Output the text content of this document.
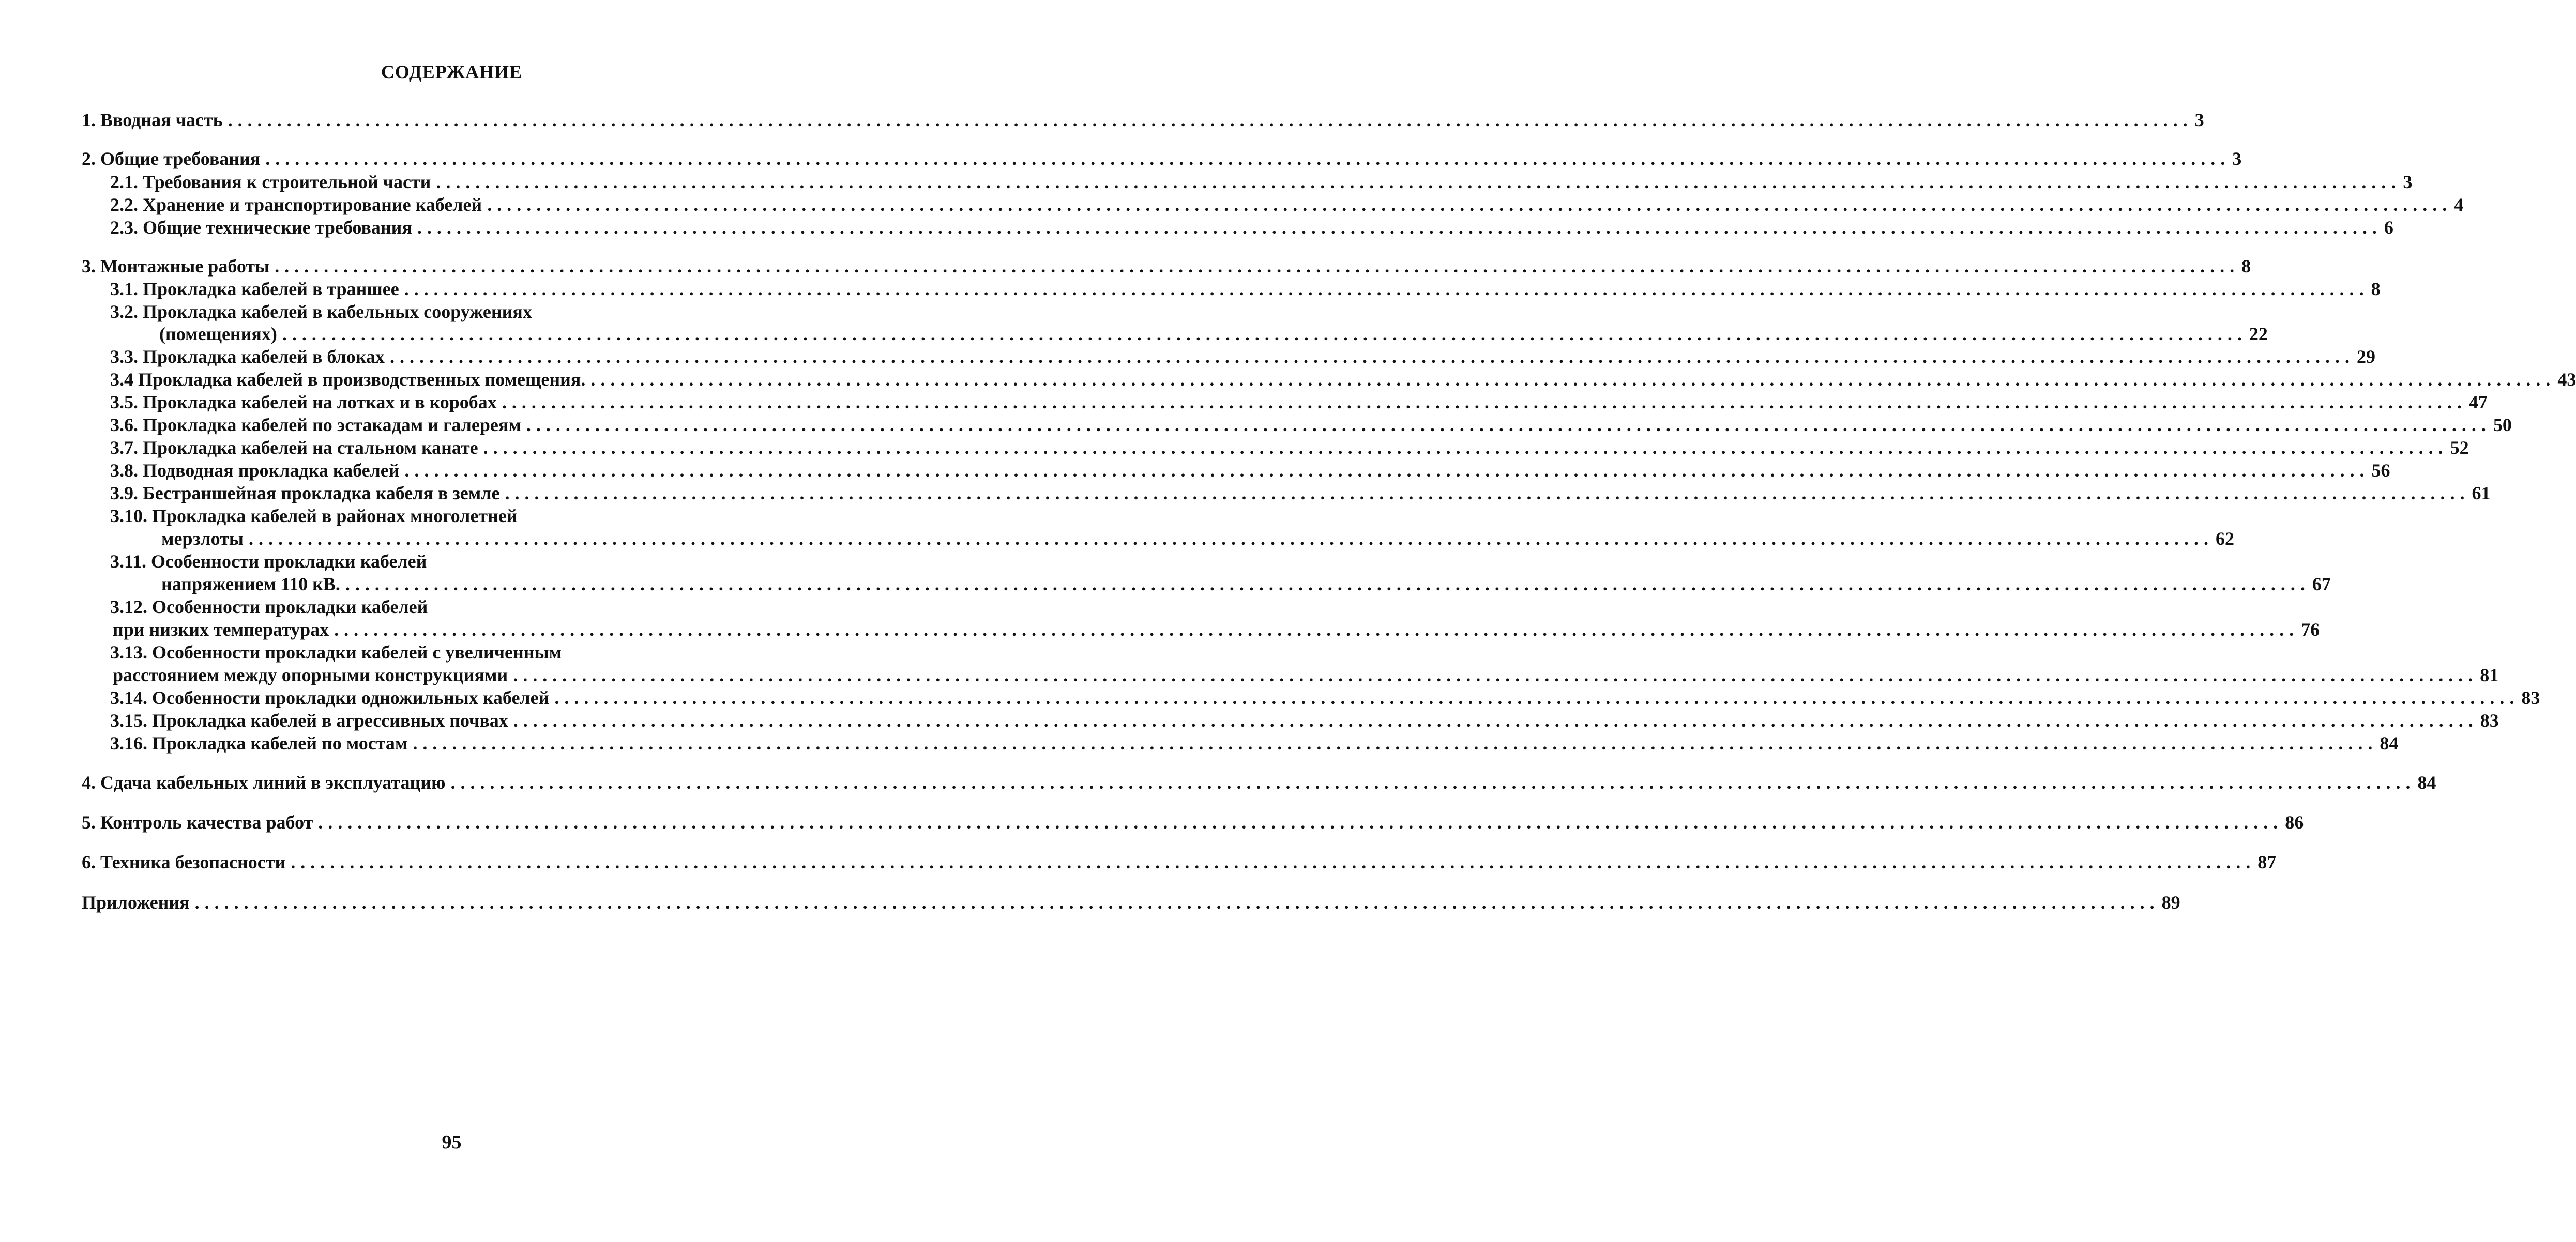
СОДЕРЖАНИЕ
1. Вводная часть ........................................................................................................................................................................................................ 3
2. Общие требования ........................................................................................................................................................................................................ 3
2.1. Требования к строительной части ........................................................................................................................................................................................................ 3
2.2. Хранение и транспортирование кабелей ........................................................................................................................................................................................................ 4
2.3. Общие технические требования ........................................................................................................................................................................................................ 6
3. Монтажные работы ........................................................................................................................................................................................................ 8
3.1. Прокладка кабелей в траншее ........................................................................................................................................................................................................ 8
3.2. Прокладка кабелей в кабельных сооружениях
(помещениях) ........................................................................................................................................................................................................ 22
3.3. Прокладка кабелей в блоках ........................................................................................................................................................................................................ 29
3.4 Прокладка кабелей в производственных помещения. ........................................................................................................................................................................................................ 43
3.5. Прокладка кабелей на лотках и в коробах ........................................................................................................................................................................................................ 47
3.6. Прокладка кабелей по эстакадам и галереям ........................................................................................................................................................................................................ 50
3.7. Прокладка кабелей на стальном канате ........................................................................................................................................................................................................ 52
3.8. Подводная прокладка кабелей ........................................................................................................................................................................................................ 56
3.9. Бестраншейная прокладка кабеля в земле ........................................................................................................................................................................................................ 61
3.10. Прокладка кабелей в районах многолетней
мерзлоты ........................................................................................................................................................................................................ 62
3.11. Особенности прокладки кабелей
напряжением 110 кВ. ........................................................................................................................................................................................................ 67
3.12. Особенности прокладки кабелей
при низких температурах ........................................................................................................................................................................................................ 76
3.13. Особенности прокладки кабелей с увеличенным
расстоянием между опорными конструкциями ........................................................................................................................................................................................................ 81
3.14. Особенности прокладки одножильных кабелей ........................................................................................................................................................................................................ 83
3.15. Прокладка кабелей в агрессивных почвах ........................................................................................................................................................................................................ 83
3.16. Прокладка кабелей по мостам ........................................................................................................................................................................................................ 84
4. Сдача кабельных линий в эксплуатацию ........................................................................................................................................................................................................ 84
5. Контроль качества работ ........................................................................................................................................................................................................ 86
6. Техника безопасности ........................................................................................................................................................................................................ 87
Приложения ........................................................................................................................................................................................................ 89
95
